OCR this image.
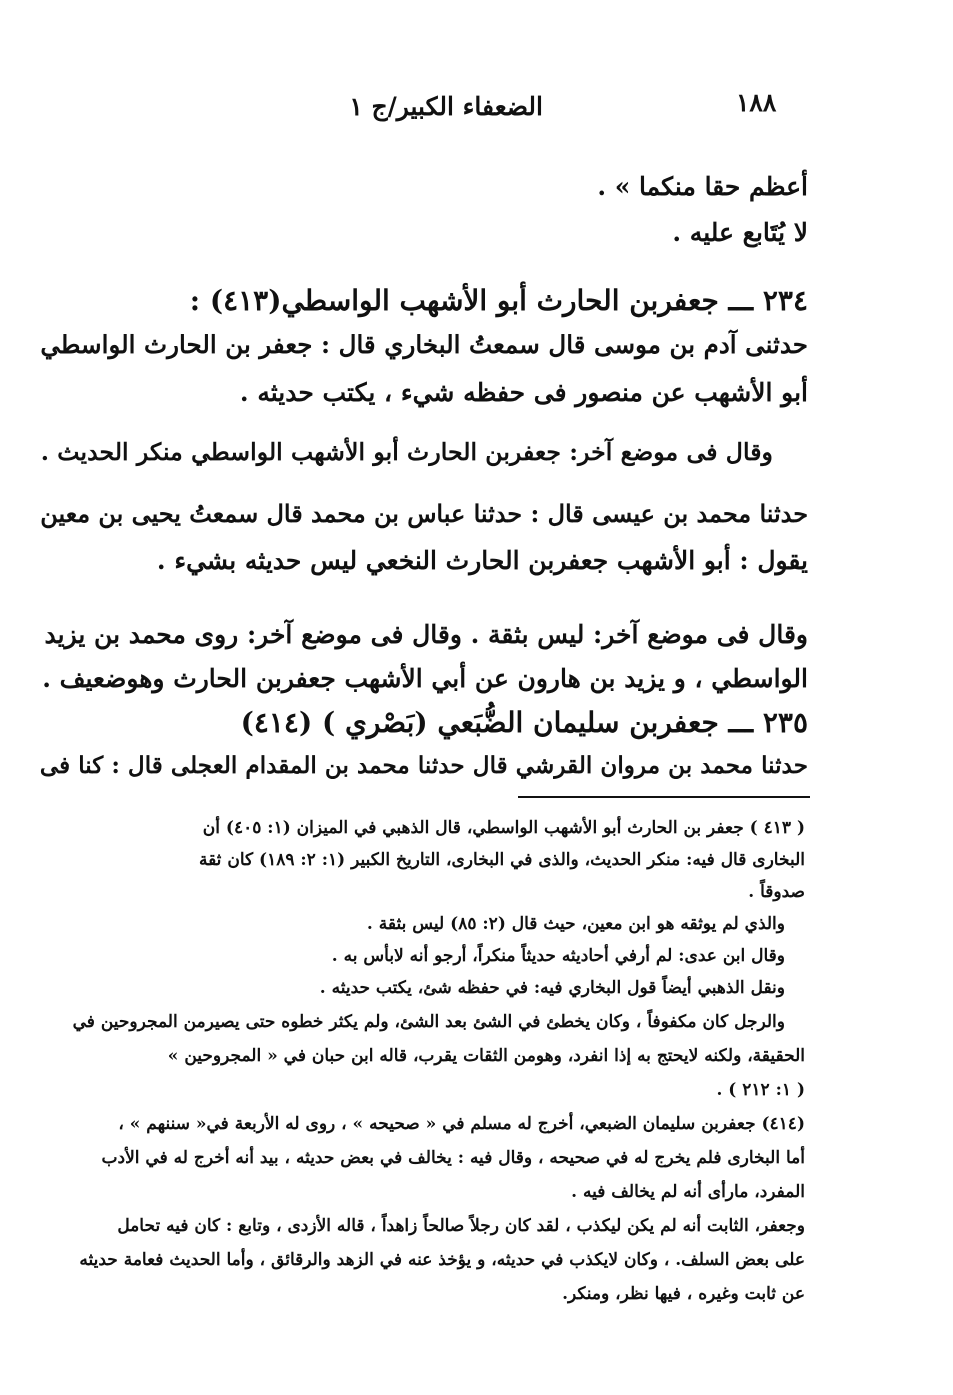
١٨٨
الضعفاء الكبير/ج ١
أعظم حقا منكما » .
لا يُتَابع عليه .
٢٣٤ ـــ جعفربن الحارث أبو الأشهب الواسطي(٤١٣) :
حدثنى آدم بن موسى قال سمعتُ البخاري قال : جعفر بن الحارث الواسطي
أبو الأشهب عن منصور فى حفظه شيء ، يكتب حديثه .
وقال فى موضع آخر: جعفربن الحارث أبو الأشهب الواسطي منكر الحديث .
حدثنا محمد بن عيسى قال : حدثنا عباس بن محمد قال سمعتُ يحيى بن معين
يقول : أبو الأشهب جعفربن الحارث النخعي ليس حديثه بشيء .
وقال فى موضع آخر: ليس بثقة . وقال فى موضع آخر: روى محمد بن يزيد
الواسطي ، و يزيد بن هارون عن أبي الأشهب جعفربن الحارث وهوضعيف .
٢٣٥ ـــ جعفربن سليمان الضُّبَعي (بَصْري ) (٤١٤)
حدثنا محمد بن مروان القرشي قال حدثنا محمد بن المقدام العجلى قال : كنا فى
( ٤١٣ ) جعفر بن الحارث أبو الأشهب الواسطي، قال الذهبي في الميزان (١: ٤٠٥) أن
البخارى قال فيه: منكر الحديث، والذى في البخارى، التاريخ الكبير (١: ٢: ١٨٩) كان ثقة
صدوقاً .
والذي لم يوثقه هو ابن معين، حيث قال (٢: ٨٥) ليس بثقة .
وقال ابن عدى: لم أرفي أحاديثه حديثاً منكراً، أرجو أنه لابأس به .
ونقل الذهبي أيضاً قول البخاري فيه: في حفظه شئ، يكتب حديثه .
والرجل كان مكفوفاً ، وكان يخطئ في الشئ بعد الشئ، ولم يكثر خطوه حتى يصيرمن المجروحين في
الحقيقة، ولكنه لايحتج به إذا انفرد، وهومن الثقات يقرب، قاله ابن حبان في « المجروحين »
( ١: ٢١٢ ) .
(٤١٤) جعفربن سليمان الضبعي، أخرج له مسلم في « صحيحه » ، روى له الأربعة في« سننهم » ،
أما البخارى فلم يخرج له في صحيحه ، وقال فيه : يخالف في بعض حديثه ، بيد أنه أخرج له في الأدب
المفرد، مارأى أنه لم يخالف فيه .
وجعفر، الثابت أنه لم يكن ليكذب ، لقد كان رجلاً صالحاً زاهداً ، قاله الأزدى ، وتابع : كان فيه تحامل
على بعض السلف. ، وكان لايكذب في حديثه، و يؤخذ عنه في الزهد والرقائق ، وأما الحديث فعامة حديثه
عن ثابت وغيره ، فيها نظر، ومنكر.
